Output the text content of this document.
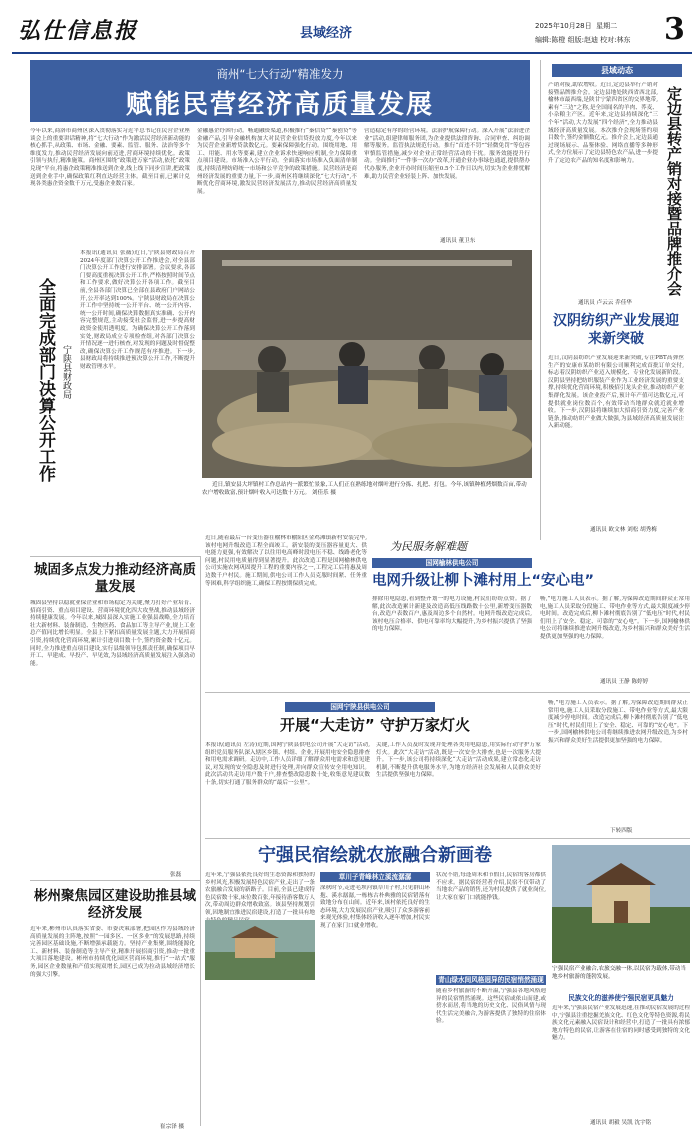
弘仕信息报	县域经济	2025年10月28日 星期二 3
编辑:陈橙 组版:赵迪 校对:林东
商州“七大行动”精准发力
赋能民营经济高质量发展
今年以来,商洛市商州区深入贯彻落实习近平总书记在民营企业座谈会上的重要讲话精神,将“七大行动”作为激活民营经济新动能的核心抓手,从政策、市场、金融、要素、监管、服务、法治等多个维度发力,推动民营经济发展向前迈进,营商环境持续优化。政策引领与执行,精准施策。商州区围绕“政策进万家”活动,依托“政策兑现”平台,将惠企政策精准推送到企业,线上线下同步宣讲,把政策送到企业手中,确保政策红利直达经营主体。截至目前,已累计兑现各类惠企资金数千万元,受惠企业数百家。
金融惠企纾困行动。畅通融资渠道,积极推行“秦信贷”“秦创贷”等金融产品,引导金融机构加大对民营企业信贷投放力度,今年以来为民营企业新增贷款数亿元。要素保障强化行动。围绕用地、用工、用能、用水等要素,建立企业诉求快速响应机制,全力保障重点项目建设。市场准入公平行动。全面落实市场准入负面清单制度,持续清理妨碍统一市场和公平竞争的政策措施。民营经济是商州经济发展的重要力量,下一步,商州区将继续深化“七大行动”,不断优化营商环境,激发民营经济发展活力,推动民营经济高质量发展。
营造稳定有序的经营环境。法治护航保障行动。深入开展“法治进企业”活动,组建律师服务团,为企业提供法律咨询、合同审查、纠纷调解等服务。监管执法规范行动。推行“首违不罚”“轻微免罚”等包容审慎监管措施,减少对企业正常经营活动的干扰。服务效能提升行动。全面推行“一件事一次办”改革,开通企业办事绿色通道,提供帮办代办服务,企业开办时间压缩至0.5个工作日以内,切实为企业排忧解难,助力民营企业轻装上阵、加快发展。
通讯员 董卫东
县域动态
产销对接,助农增收。近日,定边县举行产销对接暨品牌推介会。定边县地处陕西省西北部,榆林市最西端,是陕甘宁蒙四省区的交界地带,素有“三边”之称,是全国闻名的羊肉、荞麦、小杂粮主产区。近年来,定边县持续深化“三个年”活动,大力发展“四个经济”,全力推动县域经济高质量发展。本次推介会现场签约项目数个,签约金额数亿元。推介会上,定边县通过现场展示、品鉴体验、网络直播等多种形式,全方位展示了定边县特色农产品,进一步提升了定边农产品的知名度和影响力。	定边县转产销对接暨品牌推介会
通讯员 卢云云 乔佳华
汉阴纺织产业发展迎来新突破
近日,汉阴县纺织产业发展迎来新突破,专注PBT高弹丝生产的安康市某纺织有限公司顺利完成首批订单交付,标志着汉阴纺织产业迈入规模化、专业化发展新阶段。汉阴县坚持把纺织服装产业作为工业经济发展的重要支撑,持续优化营商环境,积极招引龙头企业,推动纺织产业集群化发展。该企业投产后,预计年产值可达数亿元,可提供就业岗位数百个,有效带动当地群众就近就业增收。下一步,汉阴县将继续加大招商引资力度,完善产业链条,推动纺织产业做大做强,为县域经济高质量发展注入新动能。
通讯员 欧文林 刘松 胡秀梅
全面完成部门决算公开工作 宁陕县财政局
本报讯(通讯员 张薇)近日,宁陕县财政局召开2024年度部门决算公开工作推进会,对全县部门决算公开工作进行安排部署。会议要求,各部门要高度重视决算公开工作,严格按照时间节点和工作要求,做好决算公开各项工作。截至目前,全县各部门决算已全部在县政府门户网站公开,公开率达到100%。宁陕县财政局在决算公开工作中坚持统一公开平台、统一公开内容、统一公开时间,确保决算数据真实准确、公开内容完整规范,主动接受社会监督,进一步提高财政资金使用透明度。为确保决算公开工作落到实处,财政局成立专项检查组,对各部门决算公开情况逐一进行核查,对发现的问题及时督促整改,确保决算公开工作规范有序推进。下一步,县财政局将持续推进预决算公开工作,不断提升财政管理水平。
近日,镇安县大坪镇村工作总站内一派繁忙景象,工人们正在熟练地对烟叶进行分拣、扎把、打包。今年,该镇种植烤烟数百亩,带动农户增收致富,预计烟叶收入可达数十万元。 刘佳乐 摄
城固多点发力推动经济高质量发展
城固县坚持以稳就业保企业和市场稳定为关键,聚力打好产业培育、招商引资、重点项目建设、营商环境优化四大攻坚战,推动县域经济持续健康发展。今年以来,城固县深入实施工业强县战略,全力培育壮大新材料、装备制造、生物医药、食品加工等主导产业,规上工业总产值同比增长明显。全县上下紧扣高质量发展主题,大力开展招商引资,持续优化营商环境,累计引进项目数十个,签约资金数十亿元。同时,全力推进重点项目建设,实行县级领导包抓责任制,确保项目早开工、早建成、早投产、早见效,为县域经济高质量发展注入强劲动能。
张磊
彬州聚焦园区建设助推县域经济发展
近年来,彬州市认真落实省委、市委决策部署,把园区作为县域经济高质量发展的主阵地,按照“一园多区、一区多业”的发展思路,持续完善园区基础设施,不断增强承载能力。坚持产业集聚,围绕能源化工、新材料、装备制造等主导产业,精准开展招商引资,推动一批重大项目落地建设。彬州市持续优化园区营商环境,推行“一站式”服务,园区企业数量和产值实现双增长,园区已成为拉动县域经济增长的强大引擎。
崔宗泽 摄
近日,随着最后一台变压器在榆林市榆阳区金鸡滩镇新村安装完毕,该村电网升级改造工程全面竣工。新安装的变压器容量更大、供电能力更强,有效解决了以往用电高峰时段电压不稳、线路老化等问题,村民用电质量得到显著提升。此次改造工程是国网榆林供电公司实施农网巩固提升工程的重要内容之一,工程完工后将惠及周边数千户村民。施工期间,供电公司工作人员克服时间紧、任务重等困难,科学组织施工,确保工程按期保质完成。
为民服务解难题
国网榆林供电公司
电网升级让柳卜滩村用上“安心电”
排除用电隐患,看到整齐划一的电力设施,村民们纷纷点赞。据了解,此次改造累计新建及改造高低压线路数十公里,新增变压器数台,改造户表数百户,惠及周边多个自然村。电网升级改造完成后,该村电压合格率、供电可靠率均大幅提升,为乡村振兴提供了坚强的电力保障。
畅,”电力施工人员表示。据了解,为保障改造期间群众正常用电,施工人员采取分段施工、带电作业等方式,最大限度减少停电时间。改造完成后,柳卜滩村彻底告别了“低电压”时代,村民们用上了安全、稳定、可靠的“安心电”。下一步,国网榆林供电公司将继续推进农网升级改造,为乡村振兴和群众美好生活提供更加坚强的电力保障。
通讯员 王静 陈婷婷
国网宁陕县供电公司
开展“大走访” 守护万家灯火
本报讯(通讯员 左涛)近期,国网宁陕县供电公司开展“大走访”活动,组织党员服务队深入辖区乡镇、村组、企业,开展用电安全隐患排查和用电需求调研。走访中,工作人员详细了解群众用电需求和意见建议,对发现的安全隐患及时进行处理,并向群众宣传安全用电知识。此次活动共走访用户数千户,排查整改隐患数十处,收集意见建议数十条,切实打通了服务群众的“最后一公里”。
关键,工作人员及时发现并处理各类用电隐患,用实际行动守护万家灯火。此次“大走访”活动,既是一次安全大排查,也是一次服务大提升。下一步,该公司将持续深化“大走访”活动成果,建立常态化走访机制,不断提升供电服务水平,为地方经济社会发展和人民群众美好生活提供坚强电力保障。
畅,”电力施工人员表示。据了解,为保障改造期间群众正常用电,施工人员采取分段施工、带电作业等方式,最大限度减少停电时间。改造完成后,柳卜滩村彻底告别了“低电压”时代,村民们用上了安全、稳定、可靠的“安心电”。下一步,国网榆林供电公司将继续推进农网升级改造,为乡村振兴和群众美好生活提供更加坚强的电力保障。
下转四版
宁强民宿绘就农旅融合新画卷
近年来,宁强县依托良好的生态资源和独特的乡村风光,积极发展特色民宿产业,走出了一条农旅融合发展的新路子。目前,全县已建成特色民宿数十家,床位数百张,年接待游客数万人次,带动周边群众增收致富。该县坚持规划引领,因地制宜推进民宿建设,打造了一批具有地
草川子青峰林立溪流潺潺
深秋时节,走进毛坝河镇草川子村,只见群山环抱、溪水潺潺,一栋栋古朴典雅的民宿错落有致地分布在山间。近年来,该村依托良好的生态环境,大力发展民宿产业,吸引了众多游客前来观光体验,村集体经济收入逐年增加,村民实现了在家门口就业增收。
状况不错,每逢周末和节假日,民宿的客房都供不应求。据民宿经营者介绍,民宿不仅带动了当地农产品的销售,还为村民提供了就业岗位,让大家在家门口就能挣钱。
青山绿水间风格迥异的民宿悄然涌现
随着乡村旅游的不断升温,宁强县各地风格迥异的民宿悄然涌现。这些民宿或依山而建,或傍水而居,将当地的历史文化、民俗风情与现代生活完美融合,为游客提供了独特的住宿体验。
宁强民宿产业融合,农旅交融一体,以民宿为载体,带动当地乡村旅游的蓬勃发展。
民族文化的滋养使宁强民宿更具魅力
近年来,宁强县民宿产业发展迅速,在推动民宿发展的过程中,宁强县注重挖掘羌族文化、红色文化等特色资源,将民族文化元素融入民宿设计和经营中,打造了一批具有浓郁地方特色的民宿,让游客在住宿的同时感受到独特的文化魅力。
通讯员 胡毅 吴凯 沈宇铭
